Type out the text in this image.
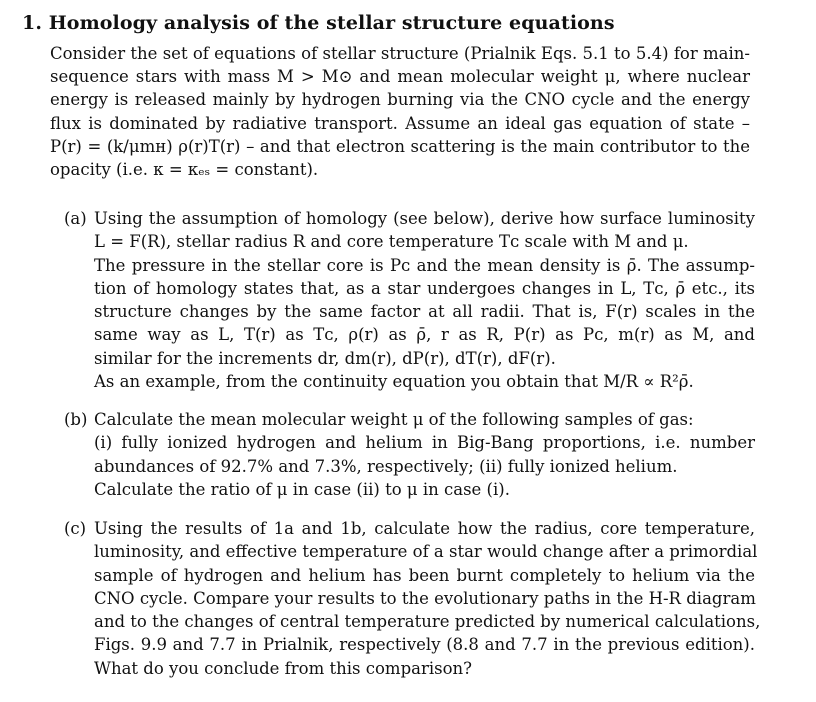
1. Homology analysis of the stellar structure equations
Consider the set of equations of stellar structure (Prialnik Eqs. 5.1 to 5.4) for main-
sequence stars with mass M > M⊙ and mean molecular weight μ, where nuclear
energy is released mainly by hydrogen burning via the CNO cycle and the energy
flux is dominated by radiative transport. Assume an ideal gas equation of state –
P(r) = (k/μmʜ) ρ(r)T(r) – and that electron scattering is the main contributor to the
opacity (i.e. κ = κₑₛ = constant).
(a) Using the assumption of homology (see below), derive how surface luminosity
L = F(R), stellar radius R and core temperature Tᴄ scale with M and μ.
The pressure in the stellar core is Pᴄ and the mean density is ρ̄. The assump-
tion of homology states that, as a star undergoes changes in L, Tᴄ, ρ̄ etc., its
structure changes by the same factor at all radii. That is, F(r) scales in the
same way as L, T(r) as Tᴄ, ρ(r) as ρ̄, r as R, P(r) as Pᴄ, m(r) as M, and
similar for the increments dr, dm(r), dP(r), dT(r), dF(r).
As an example, from the continuity equation you obtain that M/R ∝ R²ρ̄.
(b) Calculate the mean molecular weight μ of the following samples of gas:
(i) fully ionized hydrogen and helium in Big-Bang proportions, i.e. number
abundances of 92.7% and 7.3%, respectively; (ii) fully ionized helium.
Calculate the ratio of μ in case (ii) to μ in case (i).
(c) Using the results of 1a and 1b, calculate how the radius, core temperature,
luminosity, and effective temperature of a star would change after a primordial
sample of hydrogen and helium has been burnt completely to helium via the
CNO cycle. Compare your results to the evolutionary paths in the H-R diagram
and to the changes of central temperature predicted by numerical calculations,
Figs. 9.9 and 7.7 in Prialnik, respectively (8.8 and 7.7 in the previous edition).
What do you conclude from this comparison?
